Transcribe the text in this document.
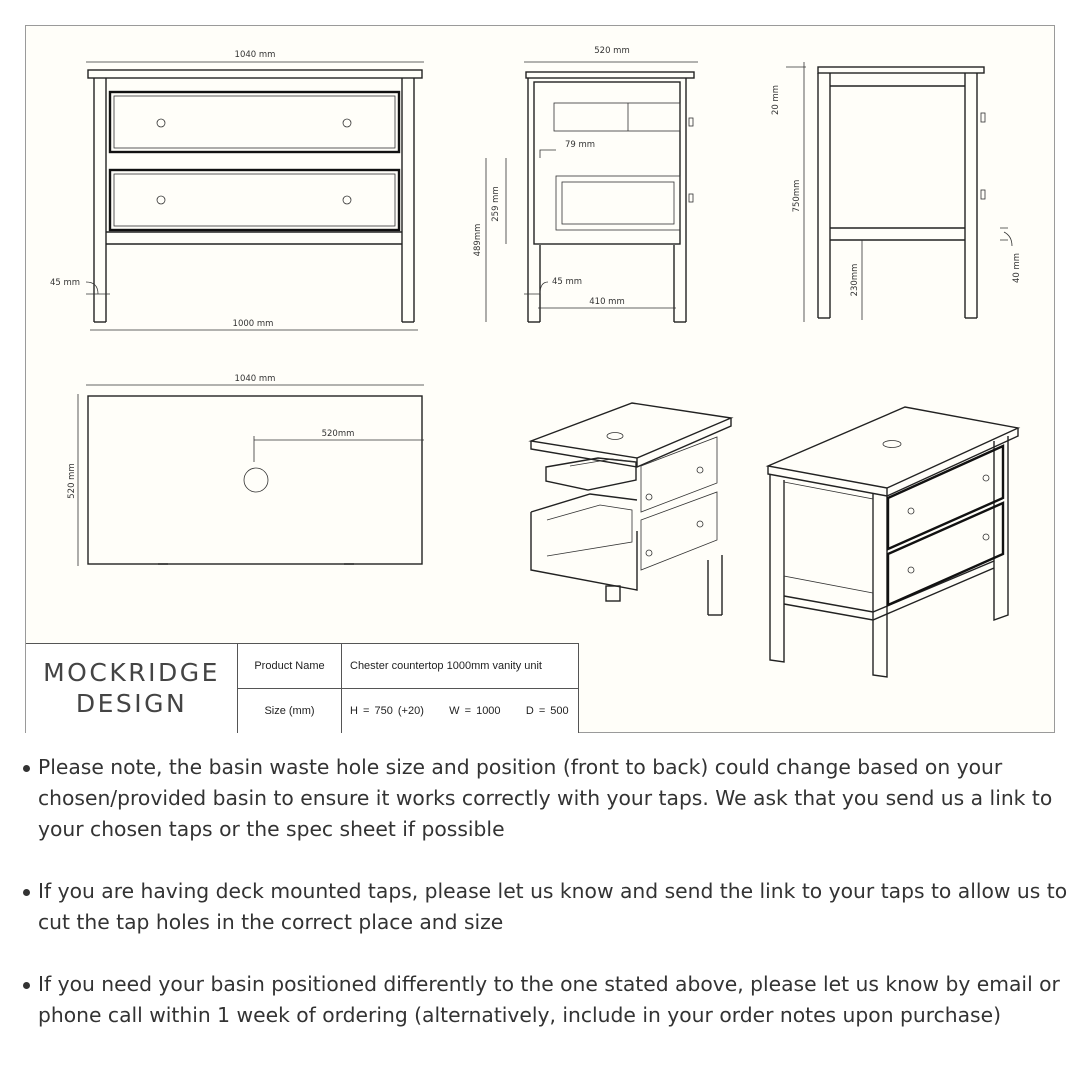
1040 mm
1000 mm
45 mm
520 mm
79 mm
259 mm
489mm
45 mm
410 mm
20 mm
750mm
230mm	40 mm
1040 mm
520 mm
520mm
MOCKRIDGE
DESIGN
Product Name	Chester countertop 1000mm vanity unit
Size (mm)	H = 750 (+20)     W = 1000     D = 500
Please note, the basin waste hole size and position (front to back) could change based on your chosen/provided basin to ensure it works correctly with your taps. We ask that you send us a link to your chosen taps or the spec sheet if possible
If you are having deck mounted taps, please let us know and send the link to your taps to allow us to cut the tap holes in the correct place and size
If you need your basin positioned differently to the one stated above, please let us know by email or phone call within 1 week of ordering (alternatively, include in your order notes upon purchase)
